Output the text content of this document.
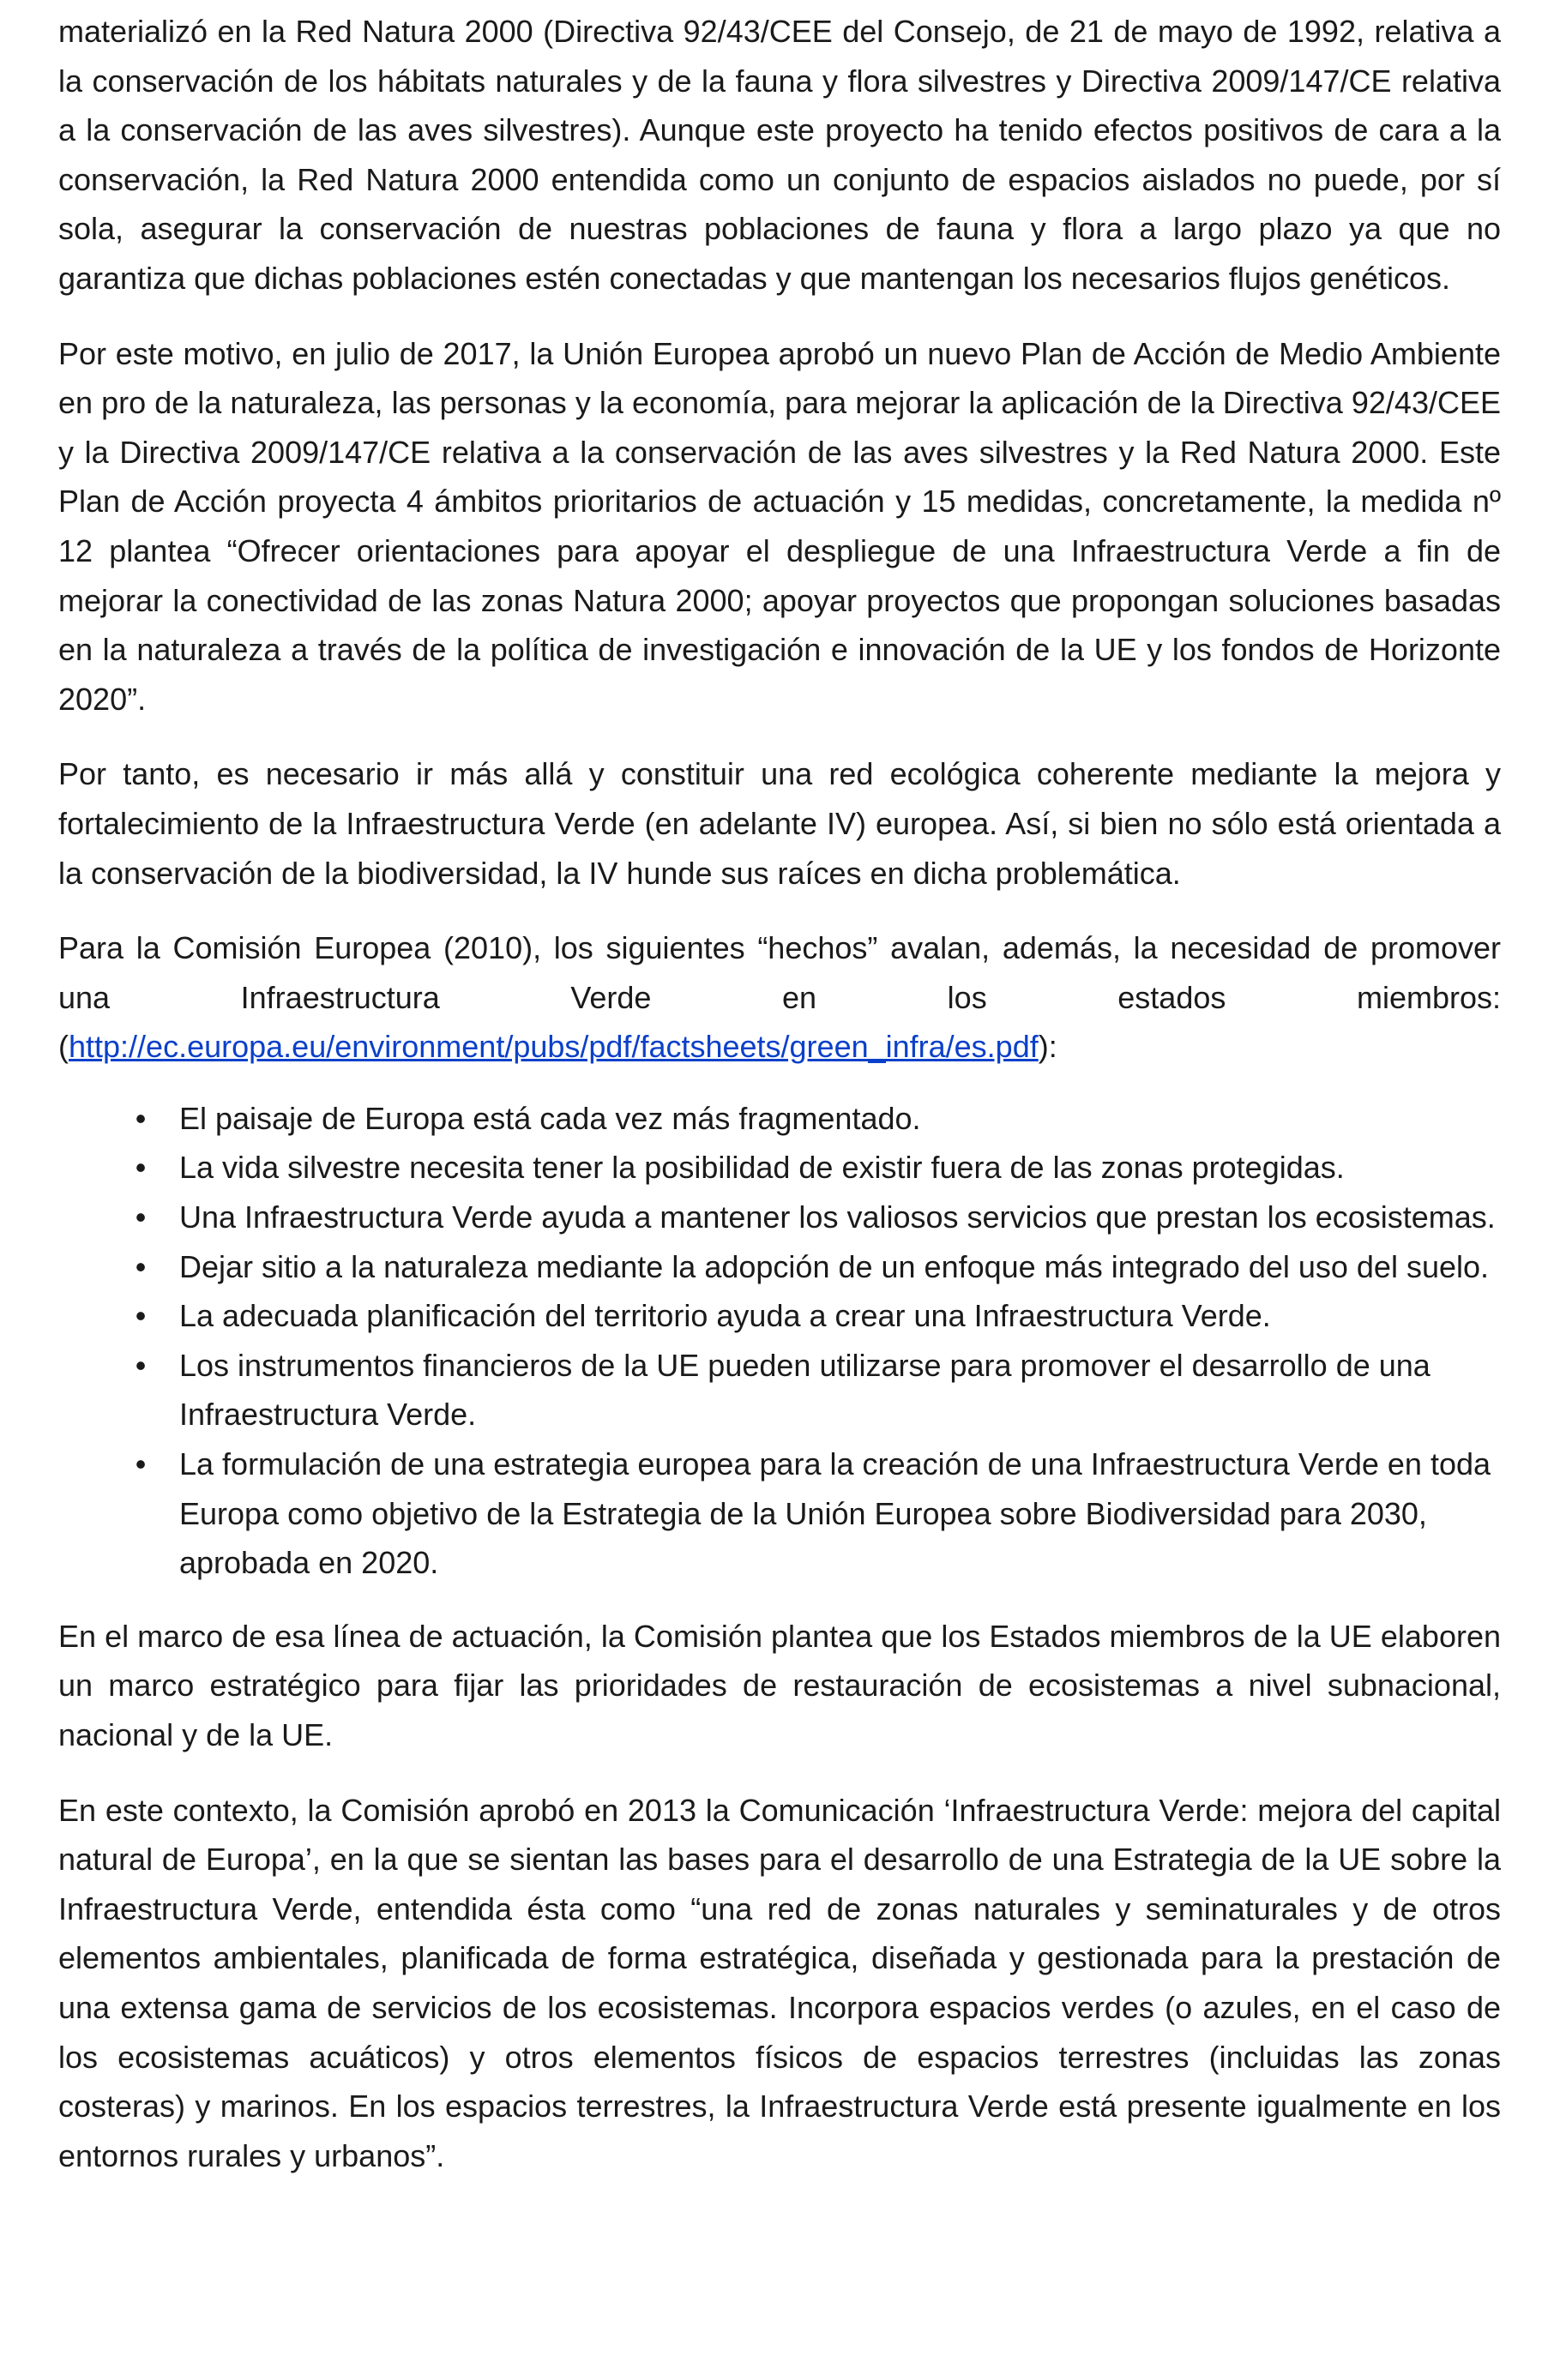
materializó en la Red Natura 2000 (Directiva 92/43/CEE del Consejo, de 21 de mayo de 1992, relativa a la conservación de los hábitats naturales y de la fauna y flora silvestres y Directiva 2009/147/CE relativa a la conservación de las aves silvestres). Aunque este proyecto ha tenido efectos positivos de cara a la conservación, la Red Natura 2000 entendida como un conjunto de espacios aislados no puede, por sí sola, asegurar la conservación de nuestras poblaciones de fauna y flora a largo plazo ya que no garantiza que dichas poblaciones estén conectadas y que mantengan los necesarios flujos genéticos.

Por este motivo, en julio de 2017, la Unión Europea aprobó un nuevo Plan de Acción de Medio Ambiente en pro de la naturaleza, las personas y la economía, para mejorar la aplicación de la Directiva 92/43/CEE y la Directiva 2009/147/CE relativa a la conservación de las aves silvestres y la Red Natura 2000. Este Plan de Acción proyecta 4 ámbitos prioritarios de actuación y 15 medidas, concretamente, la medida nº 12 plantea “Ofrecer orientaciones para apoyar el despliegue de una Infraestructura Verde a fin de mejorar la conectividad de las zonas Natura 2000; apoyar proyectos que propongan soluciones basadas en la naturaleza a través de la política de investigación e innovación de la UE y los fondos de Horizonte 2020”.

Por tanto, es necesario ir más allá y constituir una red ecológica coherente mediante la mejora y fortalecimiento de la Infraestructura Verde (en adelante IV) europea. Así, si bien no sólo está orientada a la conservación de la biodiversidad, la IV hunde sus raíces en dicha problemática.

Para la Comisión Europea (2010), los siguientes “hechos” avalan, además, la necesidad de promover una Infraestructura Verde en los estados miembros: (http://ec.europa.eu/environment/pubs/pdf/factsheets/green_infra/es.pdf):

• El paisaje de Europa está cada vez más fragmentado.
• La vida silvestre necesita tener la posibilidad de existir fuera de las zonas protegidas.
• Una Infraestructura Verde ayuda a mantener los valiosos servicios que prestan los ecosistemas.
• Dejar sitio a la naturaleza mediante la adopción de un enfoque más integrado del uso del suelo.
• La adecuada planificación del territorio ayuda a crear una Infraestructura Verde.
• Los instrumentos financieros de la UE pueden utilizarse para promover el desarrollo de una Infraestructura Verde.
• La formulación de una estrategia europea para la creación de una Infraestructura Verde en toda Europa como objetivo de la Estrategia de la Unión Europea sobre Biodiversidad para 2030, aprobada en 2020.

En el marco de esa línea de actuación, la Comisión plantea que los Estados miembros de la UE elaboren un marco estratégico para fijar las prioridades de restauración de ecosistemas a nivel subnacional, nacional y de la UE.

En este contexto, la Comisión aprobó en 2013 la Comunicación ‘Infraestructura Verde: mejora del capital natural de Europa’, en la que se sientan las bases para el desarrollo de una Estrategia de la UE sobre la Infraestructura Verde, entendida ésta como “una red de zonas naturales y seminaturales y de otros elementos ambientales, planificada de forma estratégica, diseñada y gestionada para la prestación de una extensa gama de servicios de los ecosistemas. Incorpora espacios verdes (o azules, en el caso de los ecosistemas acuáticos) y otros elementos físicos de espacios terrestres (incluidas las zonas costeras) y marinos. En los espacios terrestres, la Infraestructura Verde está presente igualmente en los entornos rurales y urbanos”.
